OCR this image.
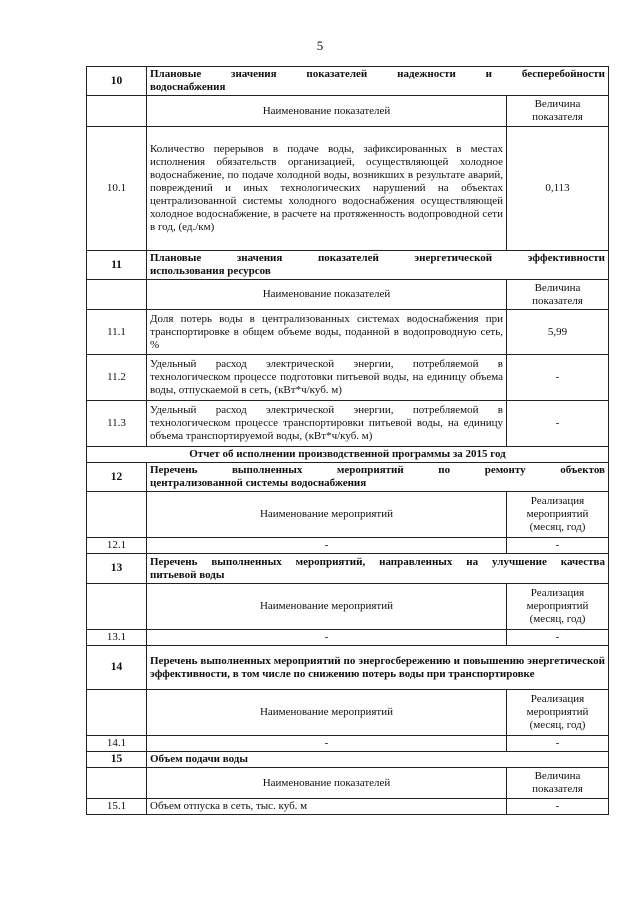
5
10	Плановые значения показателей надежности и бесперебойности
водоснабжения	

	Наименование показателей	Величина показателя
10.1	Количество перерывов в подаче воды, зафиксированных в местах исполнения обязательств организацией, осуществляющей холодное водоснабжение, по подаче холодной воды, возникших в результате аварий, повреждений и иных технологических нарушений на объектах централизованной системы холодного водоснабжения осуществляющей холодное водоснабжение, в расчете на протяженность водопроводной сети в год, (ед./км)	0,113
11	Плановые значения показателей энергетической эффективности
использования ресурсов	

	Наименование показателей	Величина показателя
11.1	Доля потерь воды в централизованных системах водоснабжения при транспортировке в общем объеме воды, поданной в водопроводную сеть, %	5,99
11.2	Удельный расход электрической энергии, потребляемой в технологическом процессе подготовки питьевой воды, на единицу объема воды, отпускаемой в сеть, (кВт*ч/куб. м)	-
11.3	Удельный расход электрической энергии, потребляемой в технологическом процессе транспортировки питьевой воды, на единицу объема транспортируемой воды, (кВт*ч/куб. м)	-
Отчет об исполнении производственной программы за 2015 год		
12	Перечень выполненных мероприятий по ремонту объектов
централизованной системы водоснабжения	

	Наименование мероприятий	Реализация мероприятий (месяц, год)
12.1	-	-
13	Перечень выполненных мероприятий, направленных на улучшение качества
питьевой воды	

	Наименование мероприятий	Реализация мероприятий (месяц, год)
13.1	-	-
14	Перечень выполненных мероприятий по энергосбережению и повышению энергетической эффективности, в том числе по снижению потерь воды при транспортировке	
	Наименование мероприятий	Реализация мероприятий (месяц, год)
14.1	-	-
15	Объем подачи воды	
	Наименование показателей	Величина показателя
15.1	Объем отпуска в сеть, тыс. куб. м	-
